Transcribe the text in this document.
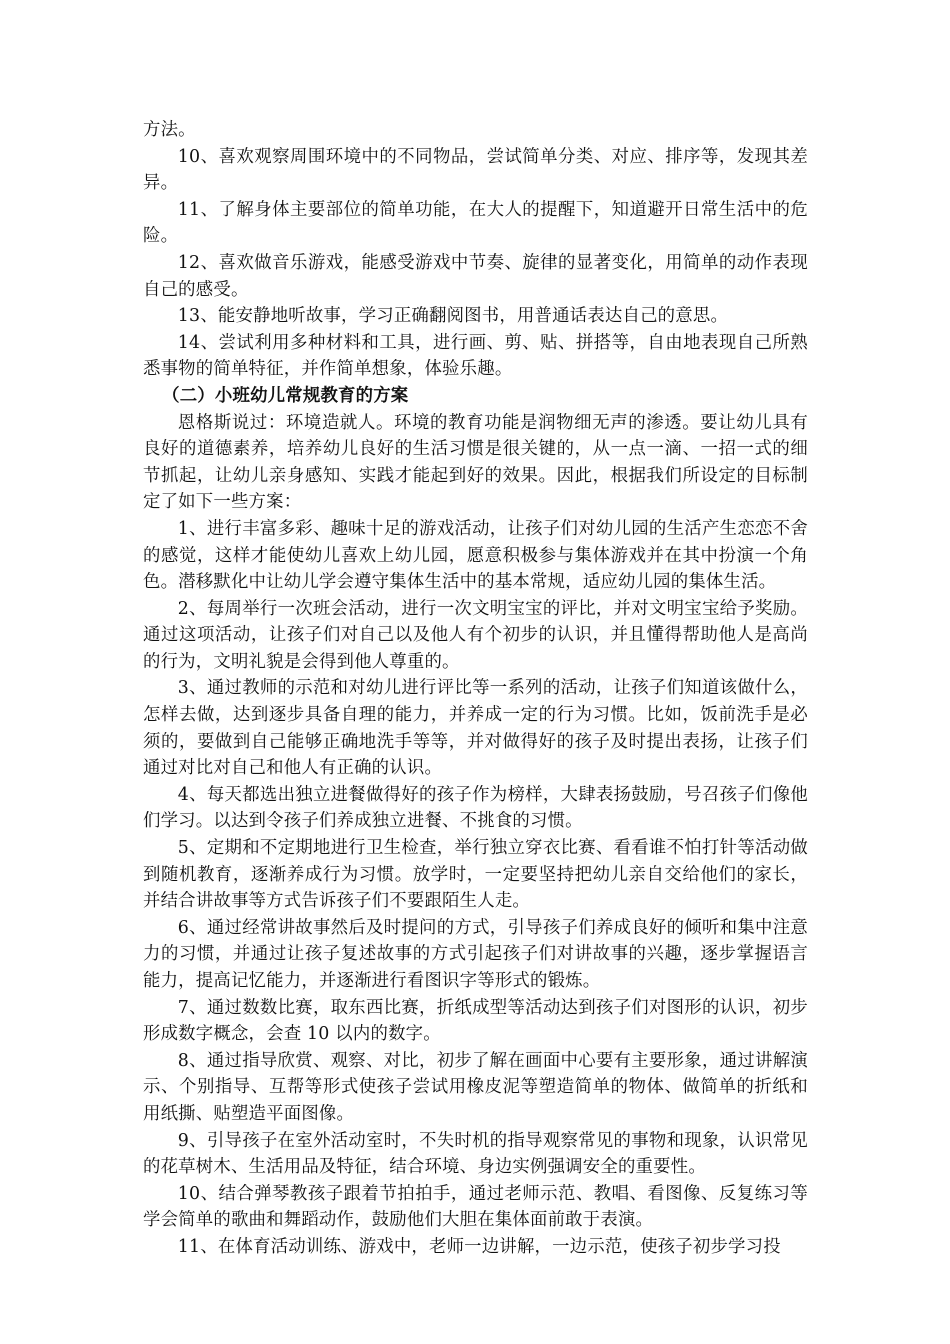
方法。

10、喜欢观察周围环境中的不同物品，尝试简单分类、对应、排序等，发现其差异。

11、了解身体主要部位的简单功能，在大人的提醒下，知道避开日常生活中的危险。

12、喜欢做音乐游戏，能感受游戏中节奏、旋律的显著变化，用简单的动作表现自己的感受。

13、能安静地听故事，学习正确翻阅图书，用普通话表达自己的意思。

14、尝试利用多种材料和工具，进行画、剪、贴、拼搭等，自由地表现自己所熟悉事物的简单特征，并作简单想象，体验乐趣。

（二）小班幼儿常规教育的方案

恩格斯说过：环境造就人。环境的教育功能是润物细无声的渗透。要让幼儿具有良好的道德素养，培养幼儿良好的生活习惯是很关键的，从一点一滴、一招一式的细节抓起，让幼儿亲身感知、实践才能起到好的效果。因此，根据我们所设定的目标制定了如下一些方案：

1、进行丰富多彩、趣味十足的游戏活动，让孩子们对幼儿园的生活产生恋恋不舍的感觉，这样才能使幼儿喜欢上幼儿园，愿意积极参与集体游戏并在其中扮演一个角色。潜移默化中让幼儿学会遵守集体生活中的基本常规，适应幼儿园的集体生活。

2、每周举行一次班会活动，进行一次文明宝宝的评比，并对文明宝宝给予奖励。通过这项活动，让孩子们对自己以及他人有个初步的认识，并且懂得帮助他人是高尚的行为，文明礼貌是会得到他人尊重的。

3、通过教师的示范和对幼儿进行评比等一系列的活动，让孩子们知道该做什么，怎样去做，达到逐步具备自理的能力，并养成一定的行为习惯。比如，饭前洗手是必须的，要做到自己能够正确地洗手等等，并对做得好的孩子及时提出表扬，让孩子们通过对比对自己和他人有正确的认识。

4、每天都选出独立进餐做得好的孩子作为榜样，大肆表扬鼓励，号召孩子们像他们学习。以达到令孩子们养成独立进餐、不挑食的习惯。

5、定期和不定期地进行卫生检查，举行独立穿衣比赛、看看谁不怕打针等活动做到随机教育，逐渐养成行为习惯。放学时，一定要坚持把幼儿亲自交给他们的家长，并结合讲故事等方式告诉孩子们不要跟陌生人走。

6、通过经常讲故事然后及时提问的方式，引导孩子们养成良好的倾听和集中注意力的习惯，并通过让孩子复述故事的方式引起孩子们对讲故事的兴趣，逐步掌握语言能力，提高记忆能力，并逐渐进行看图识字等形式的锻炼。

7、通过数数比赛，取东西比赛，折纸成型等活动达到孩子们对图形的认识，初步形成数字概念，会查 10 以内的数字。

8、通过指导欣赏、观察、对比，初步了解在画面中心要有主要形象，通过讲解演示、个别指导、互帮等形式使孩子尝试用橡皮泥等塑造简单的物体、做简单的折纸和用纸撕、贴塑造平面图像。

9、引导孩子在室外活动室时，不失时机的指导观察常见的事物和现象，认识常见的花草树木、生活用品及特征，结合环境、身边实例强调安全的重要性。

10、结合弹琴教孩子跟着节拍拍手，通过老师示范、教唱、看图像、反复练习等学会简单的歌曲和舞蹈动作，鼓励他们大胆在集体面前敢于表演。

11、在体育活动训练、游戏中，老师一边讲解，一边示范，使孩子初步学习投
